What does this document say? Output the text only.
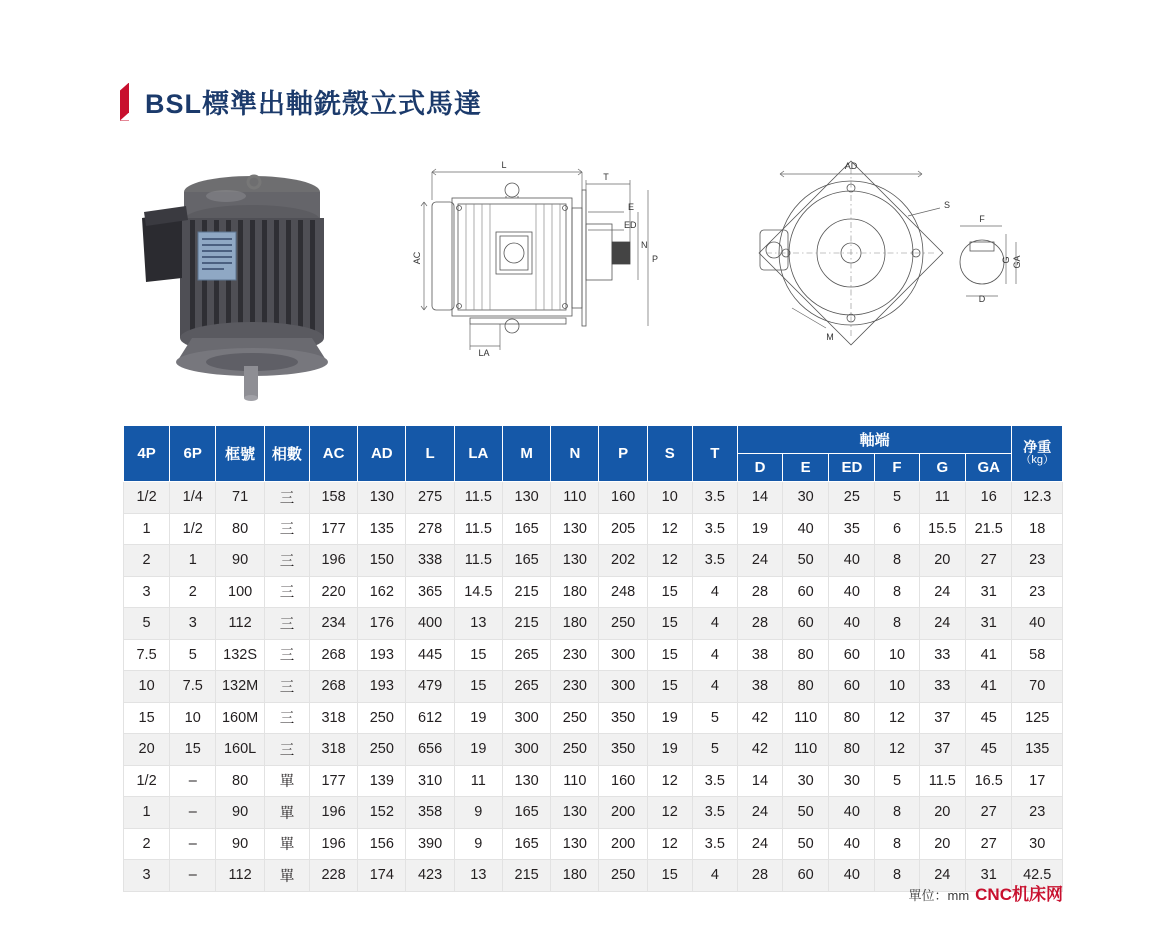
BSL標準出軸銑殼立式馬達
L
T
E
ED
AC
N
P
LA
AD
S
M
F
G GA
D
4P	6P	框號	相數	AC	AD	L	LA	M	N	P	S	T	軸端						净重
（kg）

													D	E	ED	F	G	GA	
1/2	1/4	71	三	158	130	275	11.5	130	110	160	10	3.5	14	30	25	5	11	16	12.3
1	1/2	80	三	177	135	278	11.5	165	130	205	12	3.5	19	40	35	6	15.5	21.5	18
2	1	90	三	196	150	338	11.5	165	130	202	12	3.5	24	50	40	8	20	27	23
3	2	100	三	220	162	365	14.5	215	180	248	15	4	28	60	40	8	24	31	23
5	3	112	三	234	176	400	13	215	180	250	15	4	28	60	40	8	24	31	40
7.5	5	132S	三	268	193	445	15	265	230	300	15	4	38	80	60	10	33	41	58
10	7.5	132M	三	268	193	479	15	265	230	300	15	4	38	80	60	10	33	41	70
15	10	160M	三	318	250	612	19	300	250	350	19	5	42	110	80	12	37	45	125
20	15	160L	三	318	250	656	19	300	250	350	19	5	42	110	80	12	37	45	135
1/2	–	80	單	177	139	310	11	130	110	160	12	3.5	14	30	30	5	11.5	16.5	17
1	–	90	單	196	152	358	9	165	130	200	12	3.5	24	50	40	8	20	27	23
2	–	90	單	196	156	390	9	165	130	200	12	3.5	24	50	40	8	20	27	30
3	–	112	單	228	174	423	13	215	180	250	15	4	28	60	40	8	24	31	42.5
單位：mm CNC机床网
